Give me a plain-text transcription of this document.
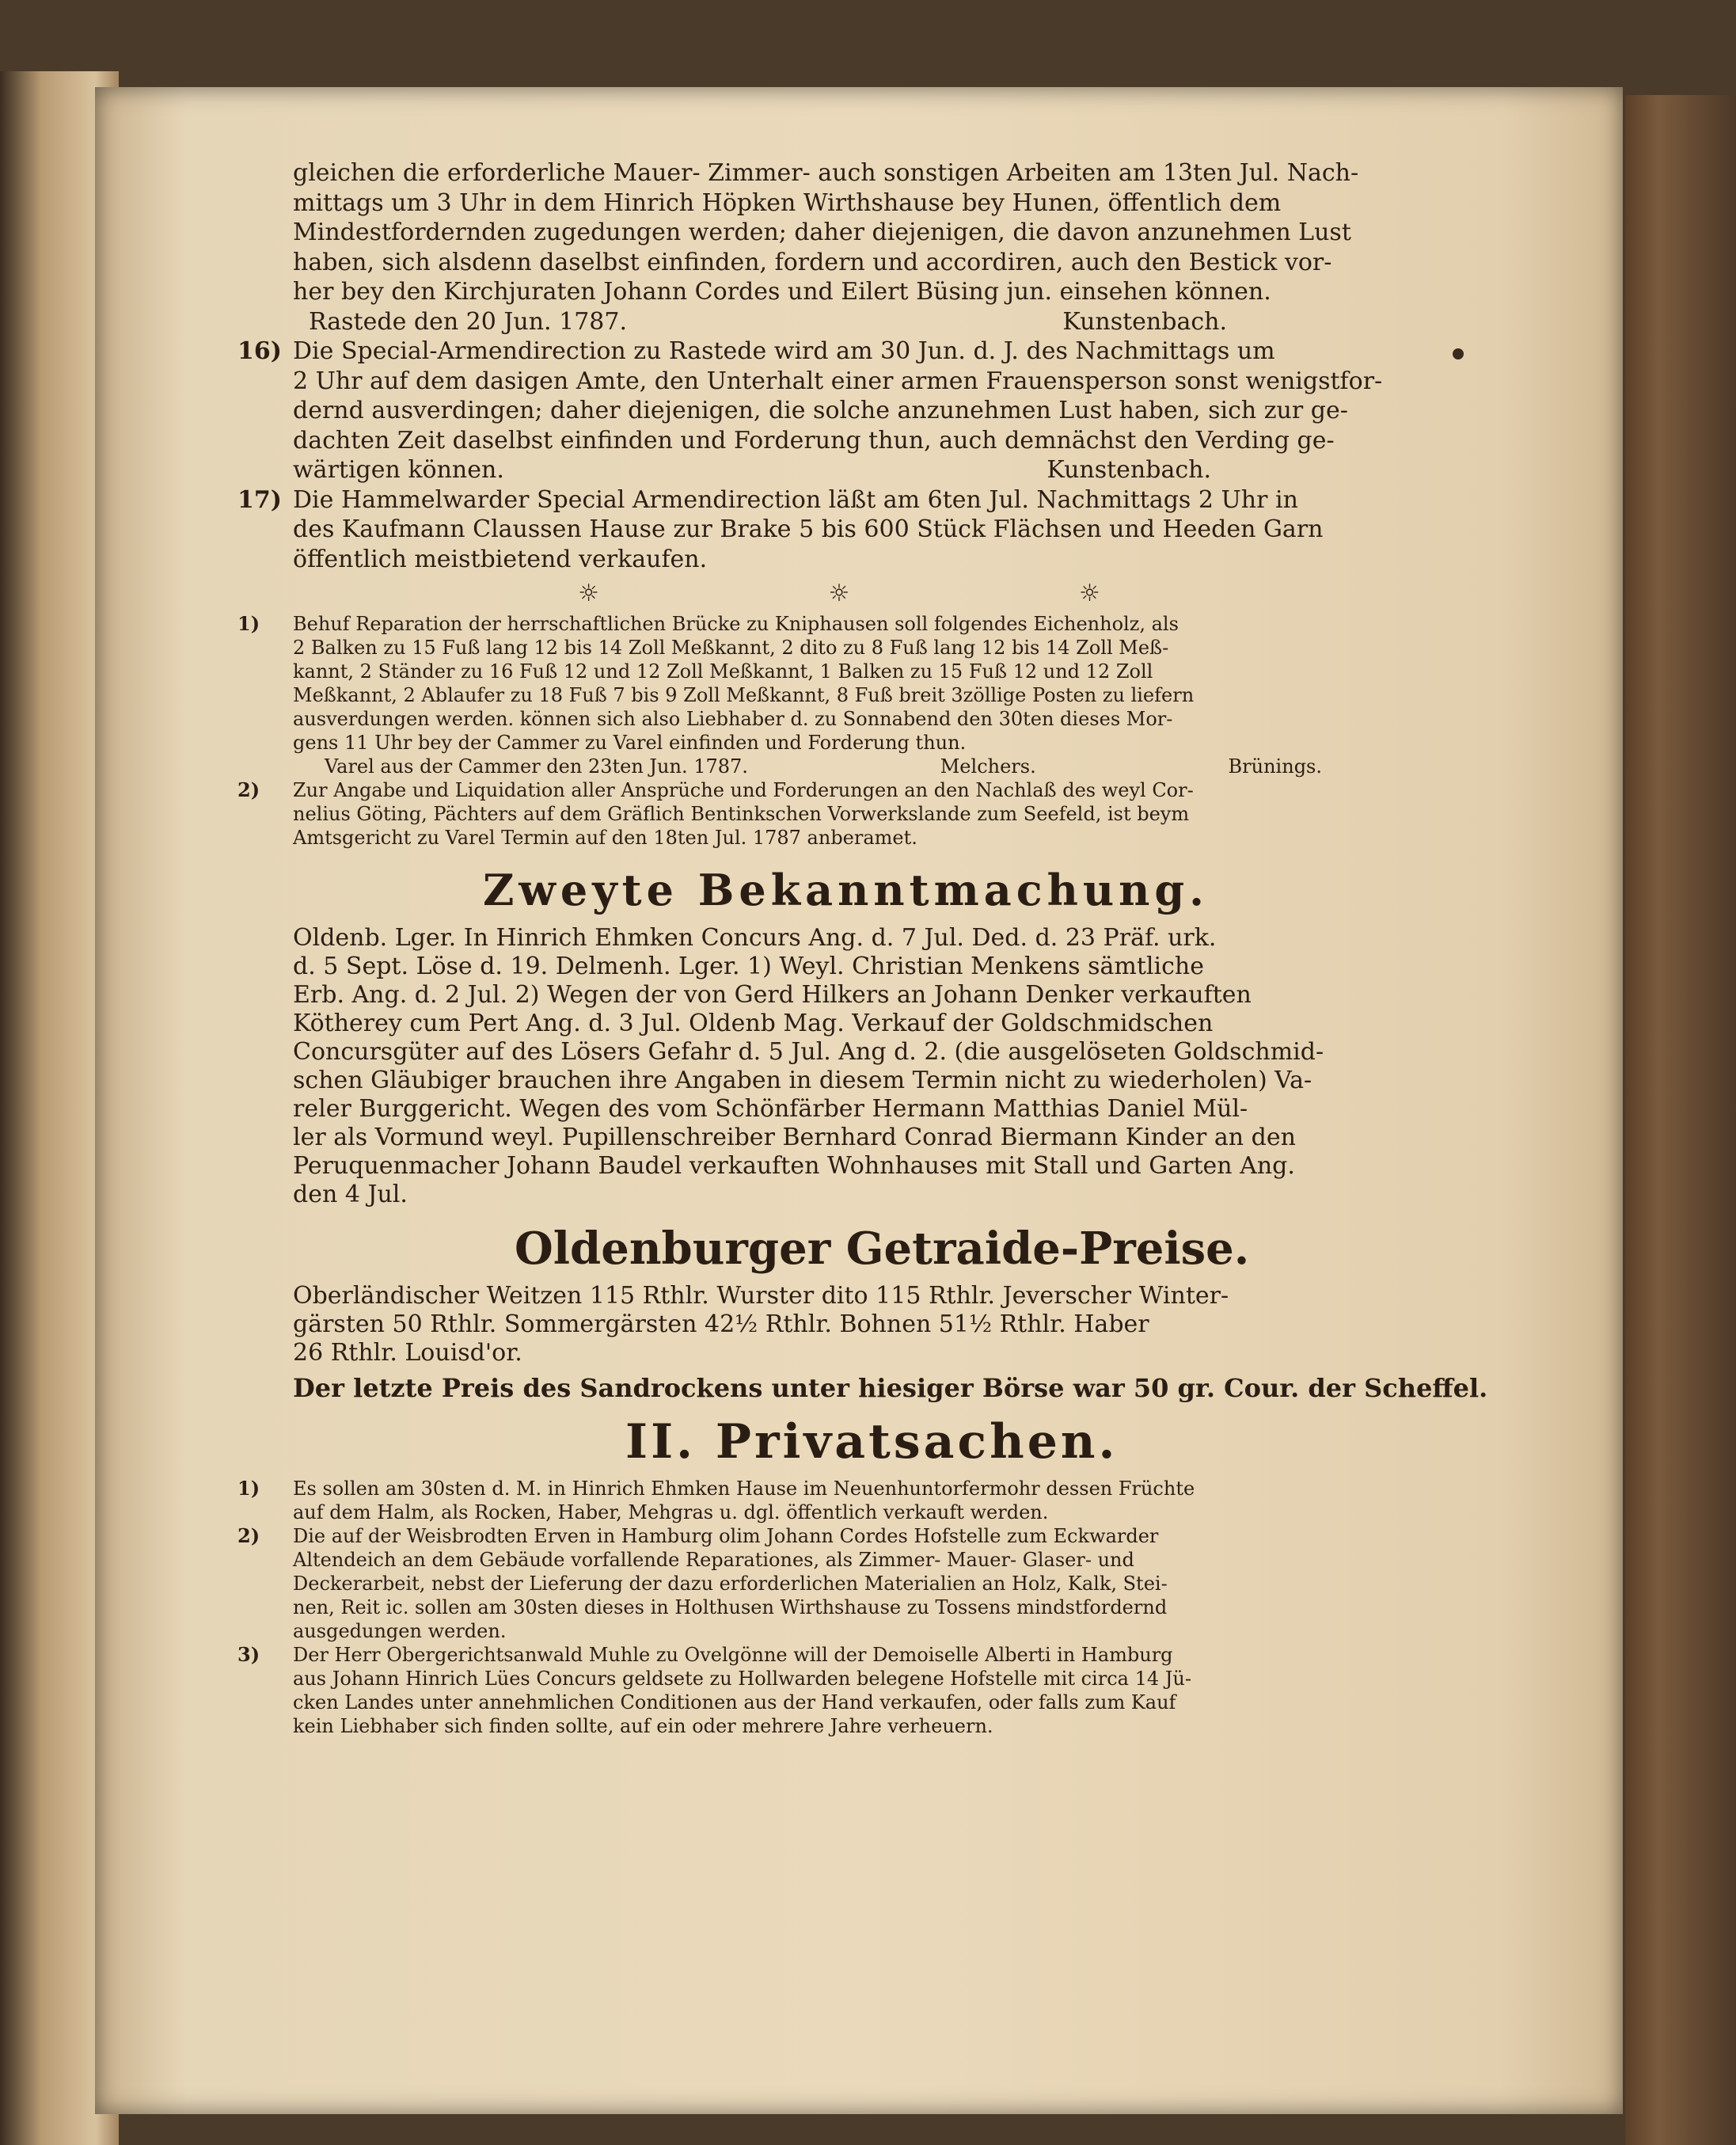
gleichen die erforderliche Mauer- Zimmer- auch sonstigen Arbeiten am 13ten Jul. Nach-
mittags um 3 Uhr in dem Hinrich Höpken Wirthshause bey Hunen, öffentlich dem
Mindestfordernden zugedungen werden; daher diejenigen, die davon anzunehmen Lust
haben, sich alsdenn daselbst einfinden, fordern und accordiren, auch den Bestick vor-
her bey den Kirchjuraten Johann Cordes und Eilert Büsing jun. einsehen können.
Rastede den 20 Jun. 1787.	Kunstenbach.
16) Die Special-Armendirection zu Rastede wird am 30 Jun. d. J. des Nachmittags um
2 Uhr auf dem dasigen Amte, den Unterhalt einer armen Frauensperson sonst wenigstfor-
dernd ausverdingen; daher diejenigen, die solche anzunehmen Lust haben, sich zur ge-
dachten Zeit daselbst einfinden und Forderung thun, auch demnächst den Verding ge-
wärtigen können.	Kunstenbach.
17) Die Hammelwarder Special Armendirection läßt am 6ten Jul. Nachmittags 2 Uhr in
des Kaufmann Claussen Hause zur Brake 5 bis 600 Stück Flächsen und Heeden Garn
öffentlich meistbietend verkaufen.
☼ ☼ ☼
1) Behuf Reparation der herrschaftlichen Brücke zu Kniphausen soll folgendes Eichenholz, als
2 Balken zu 15 Fuß lang 12 bis 14 Zoll Meßkannt, 2 dito zu 8 Fuß lang 12 bis 14 Zoll Meß-
kannt, 2 Ständer zu 16 Fuß 12 und 12 Zoll Meßkannt, 1 Balken zu 15 Fuß 12 und 12 Zoll
Meßkannt, 2 Ablaufer zu 18 Fuß 7 bis 9 Zoll Meßkannt, 8 Fuß breit 3zöllige Posten zu liefern
ausverdungen werden. können sich also Liebhaber d. zu Sonnabend den 30ten dieses Mor-
gens 11 Uhr bey der Cammer zu Varel einfinden und Forderung thun.
Varel aus der Cammer den 23ten Jun. 1787.	Melchers.	Brünings.
2) Zur Angabe und Liquidation aller Ansprüche und Forderungen an den Nachlaß des weyl Cor-
nelius Göting, Pächters auf dem Gräflich Bentinkschen Vorwerkslande zum Seefeld, ist beym
Amtsgericht zu Varel Termin auf den 18ten Jul. 1787 anberamet.
Zweyte Bekanntmachung.
Oldenb. Lger. In Hinrich Ehmken Concurs Ang. d. 7 Jul. Ded. d. 23 Präf. urk.
d. 5 Sept. Löse d. 19. Delmenh. Lger. 1) Weyl. Christian Menkens sämtliche
Erb. Ang. d. 2 Jul. 2) Wegen der von Gerd Hilkers an Johann Denker verkauften
Kötherey cum Pert Ang. d. 3 Jul. Oldenb Mag. Verkauf der Goldschmidschen
Concursgüter auf des Lösers Gefahr d. 5 Jul. Ang d. 2. (die ausgelöseten Goldschmid-
schen Gläubiger brauchen ihre Angaben in diesem Termin nicht zu wiederholen) Va-
reler Burggericht. Wegen des vom Schönfärber Hermann Matthias Daniel Mül-
ler als Vormund weyl. Pupillenschreiber Bernhard Conrad Biermann Kinder an den
Peruquenmacher Johann Baudel verkauften Wohnhauses mit Stall und Garten Ang.
den 4 Jul.
Oldenburger Getraide-Preise.
Oberländischer Weitzen 115 Rthlr. Wurster dito 115 Rthlr. Jeverscher Winter-
gärsten 50 Rthlr. Sommergärsten 42½ Rthlr. Bohnen 51½ Rthlr. Haber
26 Rthlr. Louisd'or.
Der letzte Preis des Sandrockens unter hiesiger Börse war 50 gr. Cour. der Scheffel.
II. Privatsachen.
1) Es sollen am 30sten d. M. in Hinrich Ehmken Hause im Neuenhuntorfermohr dessen Früchte
auf dem Halm, als Rocken, Haber, Mehgras u. dgl. öffentlich verkauft werden.
2) Die auf der Weisbrodten Erven in Hamburg olim Johann Cordes Hofstelle zum Eckwarder
Altendeich an dem Gebäude vorfallende Reparationes, als Zimmer- Mauer- Glaser- und
Deckerarbeit, nebst der Lieferung der dazu erforderlichen Materialien an Holz, Kalk, Stei-
nen, Reit ic. sollen am 30sten dieses in Holthusen Wirthshause zu Tossens mindstfordernd
ausgedungen werden.
3) Der Herr Obergerichtsanwald Muhle zu Ovelgönne will der Demoiselle Alberti in Hamburg
aus Johann Hinrich Lües Concurs geldsete zu Hollwarden belegene Hofstelle mit circa 14 Jü-
cken Landes unter annehmlichen Conditionen aus der Hand verkaufen, oder falls zum Kauf
kein Liebhaber sich finden sollte, auf ein oder mehrere Jahre verheuern.
